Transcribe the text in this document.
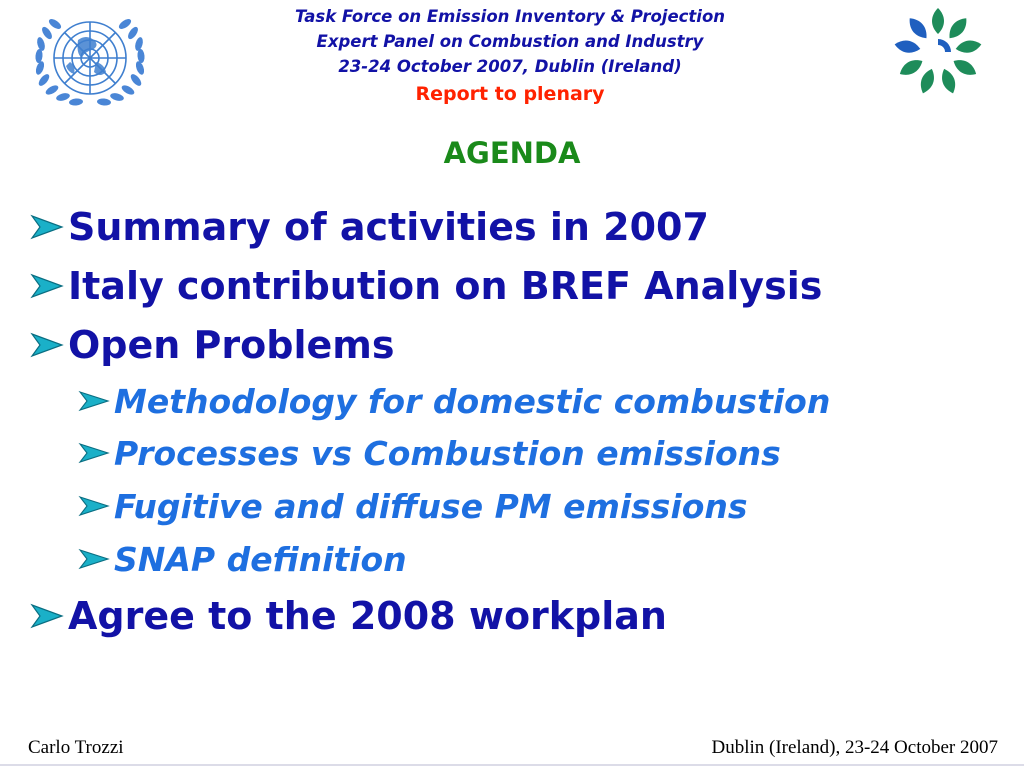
Task Force on Emission Inventory & Projection
Expert Panel on Combustion and Industry
23-24 October 2007, Dublin (Ireland)
Report to plenary
AGENDA
Summary of activities in 2007
Italy contribution on BREF Analysis
Open Problems
Methodology for domestic combustion
Processes vs Combustion emissions
Fugitive and diffuse PM emissions
SNAP definition
Agree to the 2008 workplan
Carlo Trozzi	Dublin (Ireland), 23-24 October 2007
